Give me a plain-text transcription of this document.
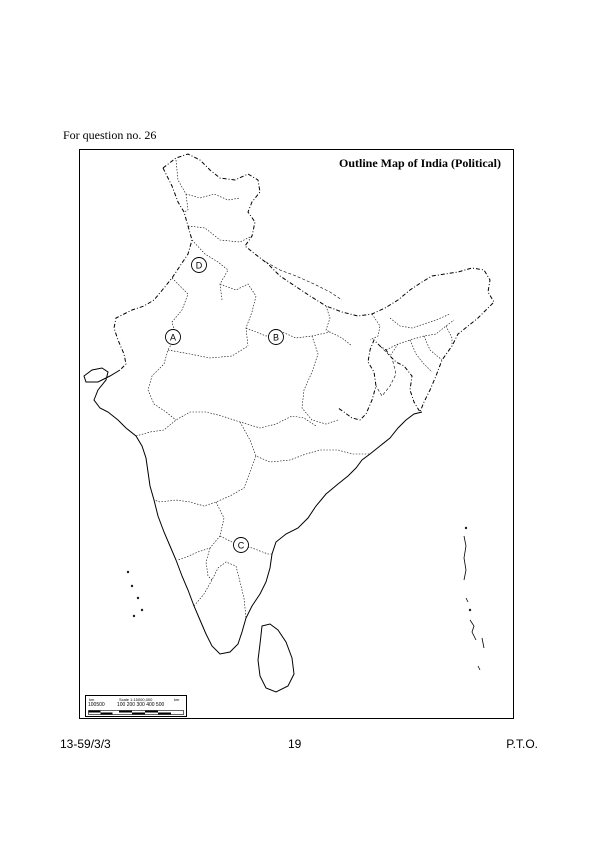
For question no. 26
Outline Map of India (Political)
A	B
C
D
km	Scale 1:15000,000	km
100500 100 200 300 400 500
13-59/3/3	19	P.T.O.
